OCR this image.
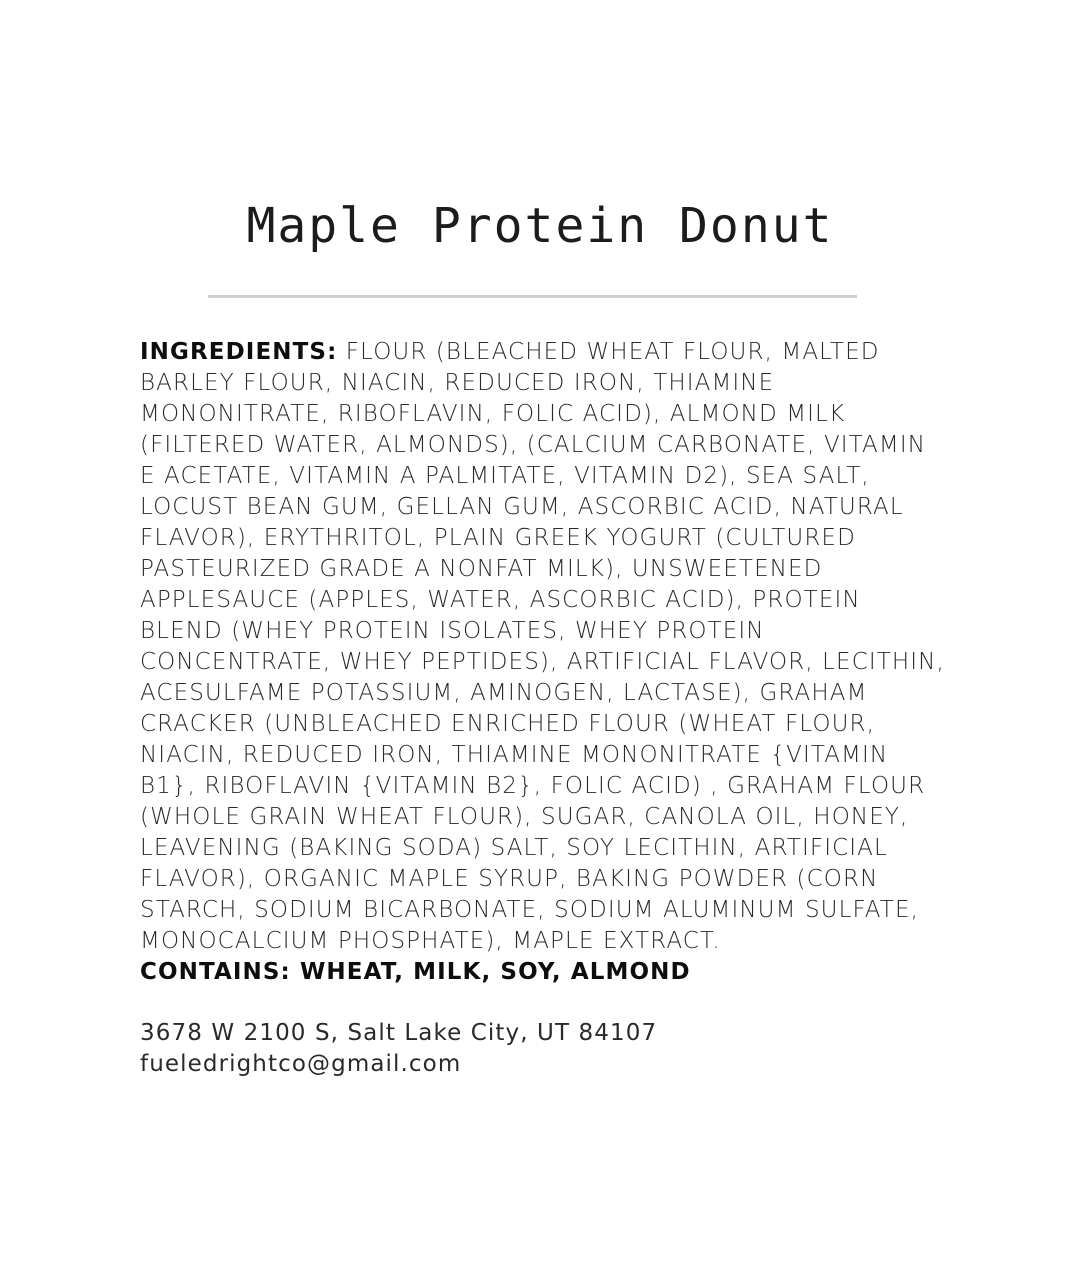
Maple Protein Donut

INGREDIENTS: FLOUR (BLEACHED WHEAT FLOUR, MALTED BARLEY FLOUR, NIACIN, REDUCED IRON, THIAMINE MONONITRATE, RIBOFLAVIN, FOLIC ACID), ALMOND MILK (FILTERED WATER, ALMONDS), (CALCIUM CARBONATE, VITAMIN E ACETATE, VITAMIN A PALMITATE, VITAMIN D2), SEA SALT, LOCUST BEAN GUM, GELLAN GUM, ASCORBIC ACID, NATURAL FLAVOR), ERYTHRITOL, PLAIN GREEK YOGURT (CULTURED PASTEURIZED GRADE A NONFAT MILK), UNSWEETENED APPLESAUCE (APPLES, WATER, ASCORBIC ACID), PROTEIN BLEND (WHEY PROTEIN ISOLATES, WHEY PROTEIN CONCENTRATE, WHEY PEPTIDES), ARTIFICIAL FLAVOR, LECITHIN, ACESULFAME POTASSIUM, AMINOGEN, LACTASE), GRAHAM CRACKER (UNBLEACHED ENRICHED FLOUR (WHEAT FLOUR, NIACIN, REDUCED IRON, THIAMINE MONONITRATE {VITAMIN B1}, RIBOFLAVIN {VITAMIN B2}, FOLIC ACID) , GRAHAM FLOUR (WHOLE GRAIN WHEAT FLOUR), SUGAR, CANOLA OIL, HONEY, LEAVENING (BAKING SODA) SALT, SOY LECITHIN, ARTIFICIAL FLAVOR), ORGANIC MAPLE SYRUP, BAKING POWDER (CORN STARCH, SODIUM BICARBONATE, SODIUM ALUMINUM SULFATE, MONOCALCIUM PHOSPHATE), MAPLE EXTRACT.

CONTAINS: WHEAT, MILK, SOY, ALMOND

3678 W 2100 S, Salt Lake City, UT 84107
fueledrightco@gmail.com
